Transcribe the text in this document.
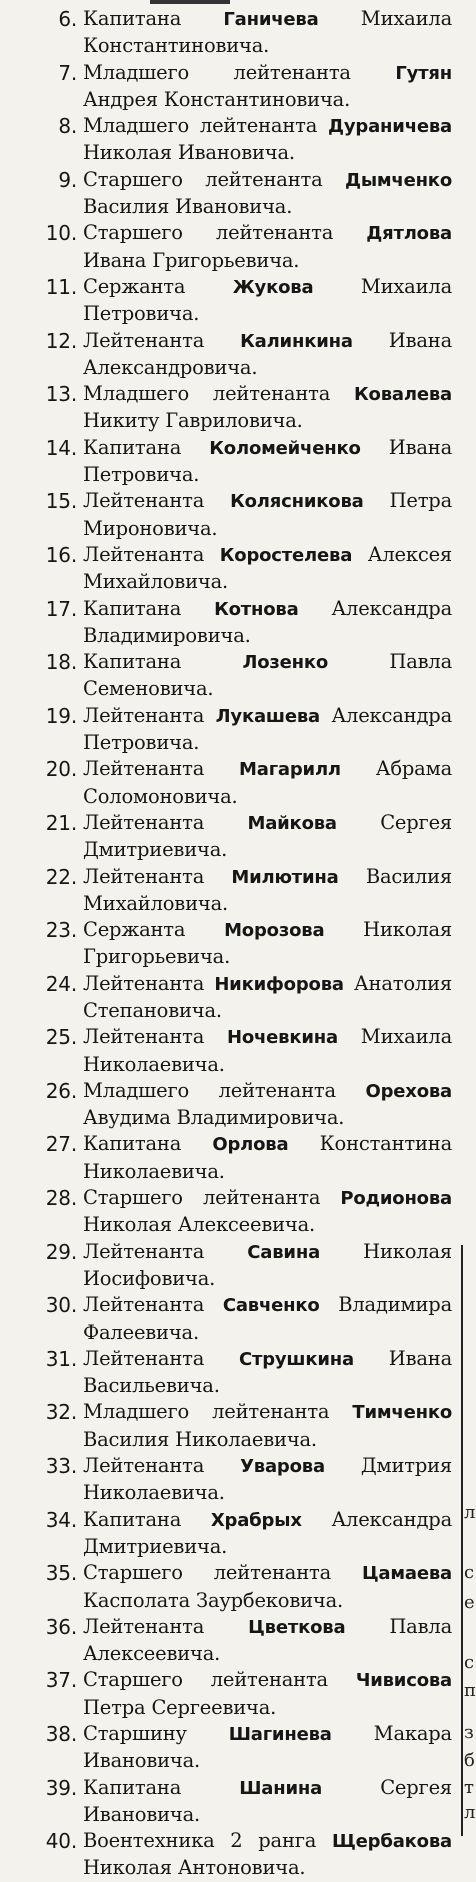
6. Капитана Ганичева Михаила Константиновича.
7. Младшего лейтенанта Гутян Андрея Константиновича.
8. Младшего лейтенанта Дураничева Николая Ивановича.
9. Старшего лейтенанта Дымченко Василия Ивановича.
10. Старшего лейтенанта Дятлова Ивана Григорьевича.
11. Сержанта	Жукова Михаила Петровича.
12. Лейтенанта Калинкина Ивана Александровича.
13. Младшего лейтенанта Ковалева Никиту Гавриловича.
14. Капитана Коломейченко Ивана Петровича.
15. Лейтенанта Колясникова Петра Мироновича.
16. Лейтенанта Коростелева Алексея Михайловича.
17. Капитана Котнова Александра Владимировича.
18. Капитана	Лозенко	Павла Семеновича.
19. Лейтенанта Лукашева Александра Петровича.
20. Лейтенанта Магарилл Абрама Соломоновича.
21. Лейтенанта Майкова Сергея Дмитриевича.
22. Лейтенанта Милютина Василия Михайловича.
23. Сержанта Морозова Николая Григорьевича.
24. Лейтенанта Никифорова Анатолия Степановича.
25. Лейтенанта Ночевкина Михаила Николаевича.
26. Младшего лейтенанта Орехова Авудима Владимировича.
27. Капитана Орлова Константина Николаевича.
28. Старшего лейтенанта Родионова Николая Алексеевича.
29. Лейтенанта Савина Николая Иосифовича.
30. Лейтенанта Савченко Владимира Фалеевича.
31. Лейтенанта Струшкина Ивана Васильевича.
32. Младшего лейтенанта Тимченко Василия Николаевича.
33. Лейтенанта Уварова Дмитрия Николаевича.
34. Капитана Храбрых Александра Дмитриевича.
35. Старшего лейтенанта Цамаева Касполата Заурбековича.
36. Лейтенанта Цветкова Павла Алексеевича.
37. Старшего лейтенанта Чивисова Петра Сергеевича.
38. Старшину Шагинева Макара Ивановича.
39. Капитана	Шанина	Сергея Ивановича.
40. Воентехника 2 ранга Щербакова Николая Антоновича.
л
с
е
с
п
з
б
т
л
